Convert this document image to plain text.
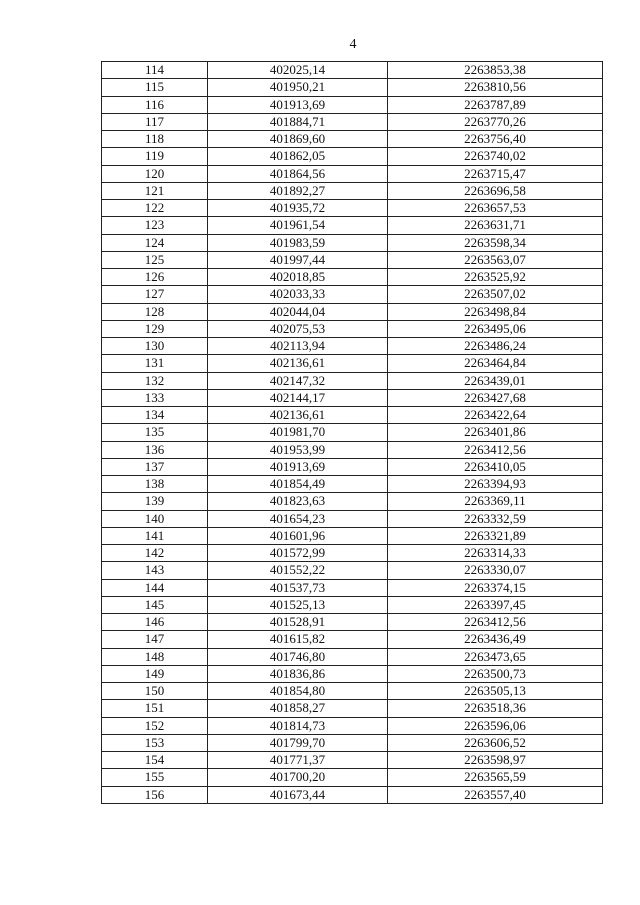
4
114	402025,14	2263853,38
115	401950,21	2263810,56
116	401913,69	2263787,89
117	401884,71	2263770,26
118	401869,60	2263756,40
119	401862,05	2263740,02
120	401864,56	2263715,47
121	401892,27	2263696,58
122	401935,72	2263657,53
123	401961,54	2263631,71
124	401983,59	2263598,34
125	401997,44	2263563,07
126	402018,85	2263525,92
127	402033,33	2263507,02
128	402044,04	2263498,84
129	402075,53	2263495,06
130	402113,94	2263486,24
131	402136,61	2263464,84
132	402147,32	2263439,01
133	402144,17	2263427,68
134	402136,61	2263422,64
135	401981,70	2263401,86
136	401953,99	2263412,56
137	401913,69	2263410,05
138	401854,49	2263394,93
139	401823,63	2263369,11
140	401654,23	2263332,59
141	401601,96	2263321,89
142	401572,99	2263314,33
143	401552,22	2263330,07
144	401537,73	2263374,15
145	401525,13	2263397,45
146	401528,91	2263412,56
147	401615,82	2263436,49
148	401746,80	2263473,65
149	401836,86	2263500,73
150	401854,80	2263505,13
151	401858,27	2263518,36
152	401814,73	2263596,06
153	401799,70	2263606,52
154	401771,37	2263598,97
155	401700,20	2263565,59
156	401673,44	2263557,40
